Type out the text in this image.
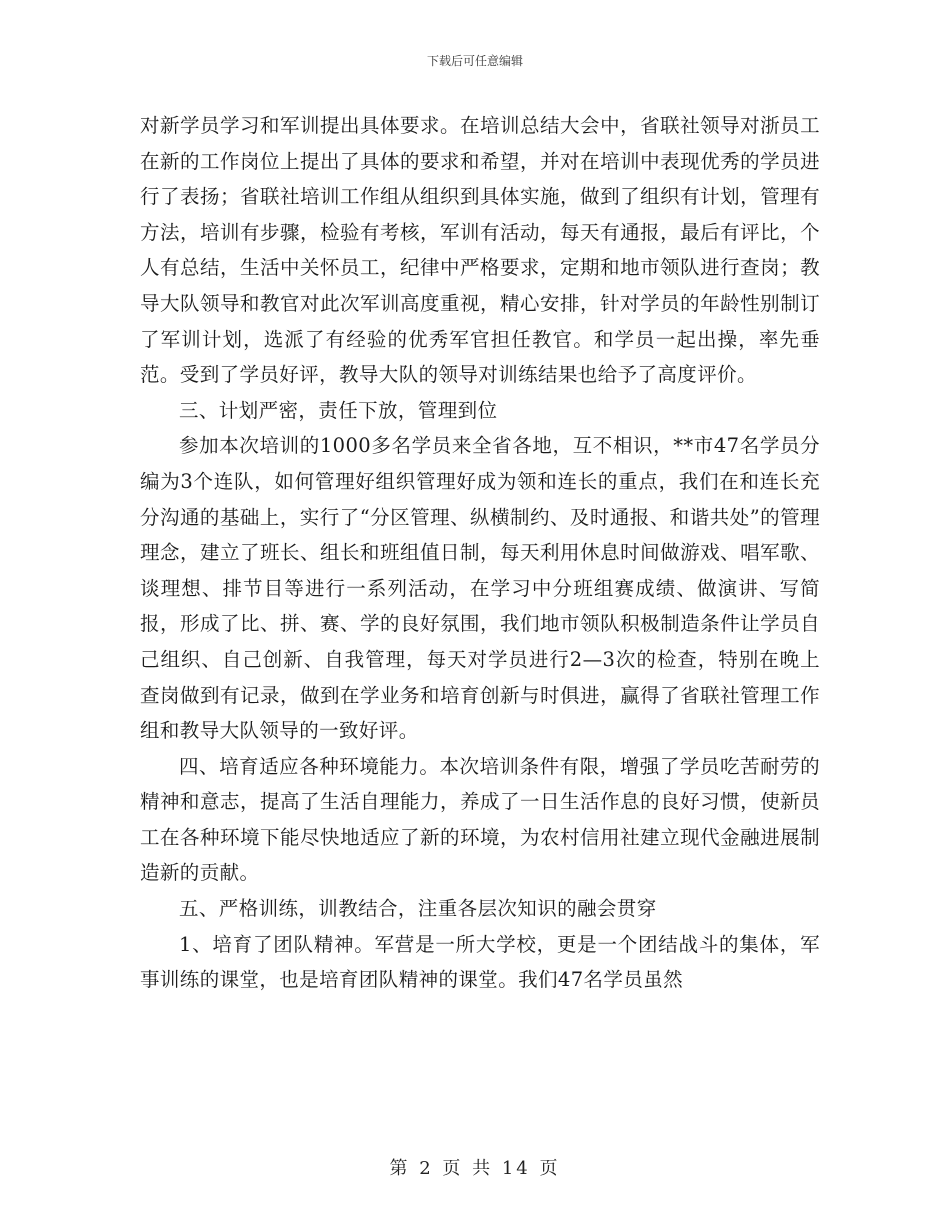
下载后可任意编辑

对新学员学习和军训提出具体要求。在培训总结大会中，省联社领导对浙员工在新的工作岗位上提出了具体的要求和希望，并对在培训中表现优秀的学员进行了表扬；省联社培训工作组从组织到具体实施，做到了组织有计划，管理有方法，培训有步骤，检验有考核，军训有活动，每天有通报，最后有评比，个人有总结，生活中关怀员工，纪律中严格要求，定期和地市领队进行查岗；教导大队领导和教官对此次军训高度重视，精心安排，针对学员的年龄性别制订了军训计划，选派了有经验的优秀军官担任教官。和学员一起出操，率先垂范。受到了学员好评，教导大队的领导对训练结果也给予了高度评价。

三、计划严密，责任下放，管理到位

参加本次培训的1000多名学员来全省各地，互不相识，**市47名学员分编为3个连队，如何管理好组织管理好成为领和连长的重点，我们在和连长充分沟通的基础上，实行了“分区管理、纵横制约、及时通报、和谐共处”的管理理念，建立了班长、组长和班组值日制，每天利用休息时间做游戏、唱军歌、谈理想、排节目等进行一系列活动，在学习中分班组赛成绩、做演讲、写简报，形成了比、拼、赛、学的良好氛围，我们地市领队积极制造条件让学员自己组织、自己创新、自我管理，每天对学员进行2—3次的检查，特别在晚上查岗做到有记录，做到在学业务和培育创新与时俱进，赢得了省联社管理工作组和教导大队领导的一致好评。

四、培育适应各种环境能力。本次培训条件有限，增强了学员吃苦耐劳的精神和意志，提高了生活自理能力，养成了一日生活作息的良好习惯，使新员工在各种环境下能尽快地适应了新的环境，为农村信用社建立现代金融进展制造新的贡献。

五、严格训练，训教结合，注重各层次知识的融会贯穿

1、培育了团队精神。军营是一所大学校，更是一个团结战斗的集体，军事训练的课堂，也是培育团队精神的课堂。我们47名学员虽然

第 2 页 共 14 页
